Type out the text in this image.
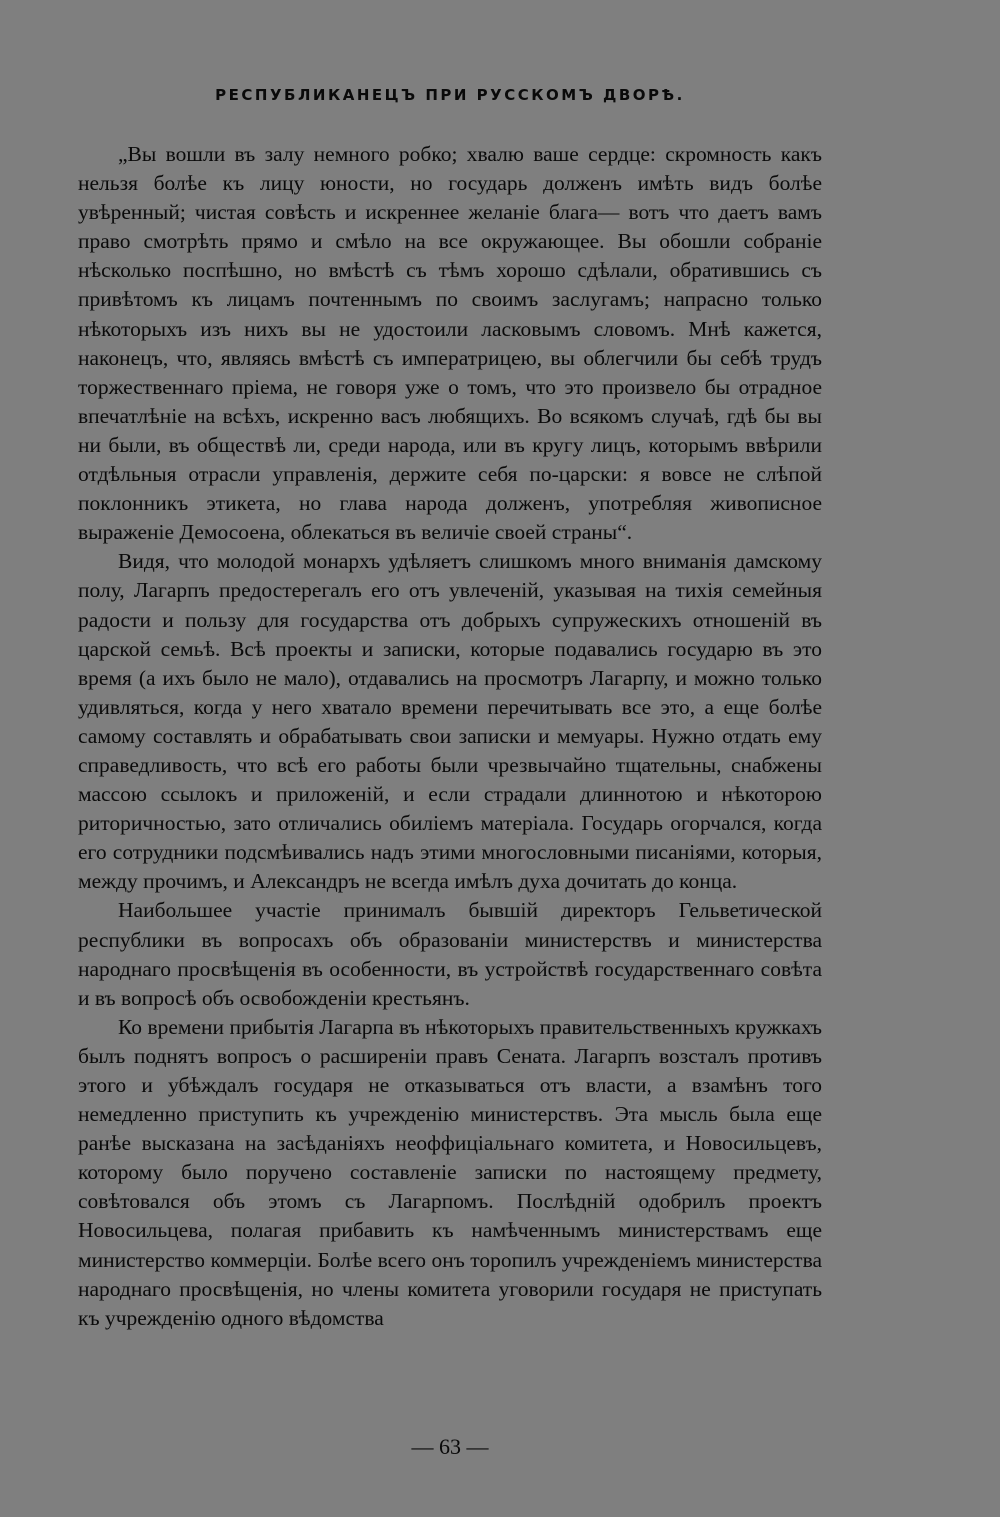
РЕСПУБЛИКАНЕЦЪ ПРИ РУССКОМЪ ДВОРѢ.

„Вы вошли въ залу немного робко; хвалю ваше сердце: скромность какъ нельзя болѣе къ лицу юности, но государь долженъ имѣть видъ болѣе увѣренный; чистая совѣсть и искреннее желаніе блага— вотъ что даетъ вамъ право смотрѣть прямо и смѣло на все окружающее. Вы обошли собраніе нѣсколько поспѣшно, но вмѣстѣ съ тѣмъ хорошо сдѣлали, обратившись съ привѣтомъ къ лицамъ почтеннымъ по своимъ заслугамъ; напрасно только нѣкоторыхъ изъ нихъ вы не удостоили ласковымъ словомъ. Мнѣ кажется, наконецъ, что, являясь вмѣстѣ съ императрицею, вы облегчили бы себѣ трудъ торжественнаго пріема, не говоря уже о томъ, что это произвело бы отрадное впечатлѣніе на всѣхъ, искренно васъ любящихъ. Во всякомъ случаѣ, гдѣ бы вы ни были, въ обществѣ ли, среди народа, или въ кругу лицъ, которымъ ввѣрили отдѣльныя отрасли управленія, держите себя по-царски: я вовсе не слѣпой поклонникъ этикета, но глава народа долженъ, употребляя живописное выраженіе Демосоена, облекаться въ величіе своей страны“.

Видя, что молодой монархъ удѣляетъ слишкомъ много вниманія дамскому полу, Лагарпъ предостерегалъ его отъ увлеченій, указывая на тихія семейныя радости и пользу для государства отъ добрыхъ супружескихъ отношеній въ царской семьѣ. Всѣ проекты и записки, которые подавались государю въ это время (а ихъ было не мало), отдавались на просмотръ Лагарпу, и можно только удивляться, когда у него хватало времени перечитывать все это, а еще болѣе самому составлять и обрабатывать свои записки и мемуары. Нужно отдать ему справедливость, что всѣ его работы были чрезвычайно тщательны, снабжены массою ссылокъ и приложеній, и если страдали длиннотою и нѣкоторою риторичностью, зато отличались обиліемъ матеріала. Государь огорчался, когда его сотрудники подсмѣивались надъ этими многословными писаніями, которыя, между прочимъ, и Александръ не всегда имѣлъ духа дочитать до конца.

Наибольшее участіе принималъ бывшій директоръ Гельветической республики въ вопросахъ объ образованіи министерствъ и министерства народнаго просвѣщенія въ особенности, въ устройствѣ государственнаго совѣта и въ вопросѣ объ освобожденіи крестьянъ.

Ко времени прибытія Лагарпа въ нѣкоторыхъ правительственныхъ кружкахъ былъ поднятъ вопросъ о расширеніи правъ Сената. Лагарпъ возсталъ противъ этого и убѣждалъ государя не отказываться отъ власти, а взамѣнъ того немедленно приступить къ учрежденію министерствъ. Эта мысль была еще ранѣе высказана на засѣданіяхъ неоффиціальнаго комитета, и Новосильцевъ, которому было поручено составленіе записки по настоящему предмету, совѣтовался объ этомъ съ Лагарпомъ. Послѣдній одобрилъ проектъ Новосильцева, полагая прибавить къ намѣченнымъ министерствамъ еще министерство коммерціи. Болѣе всего онъ торопилъ учрежденіемъ министерства народнаго просвѣщенія, но члены комитета уговорили государя не приступать къ учрежденію одного вѣдомства

— 63 —
